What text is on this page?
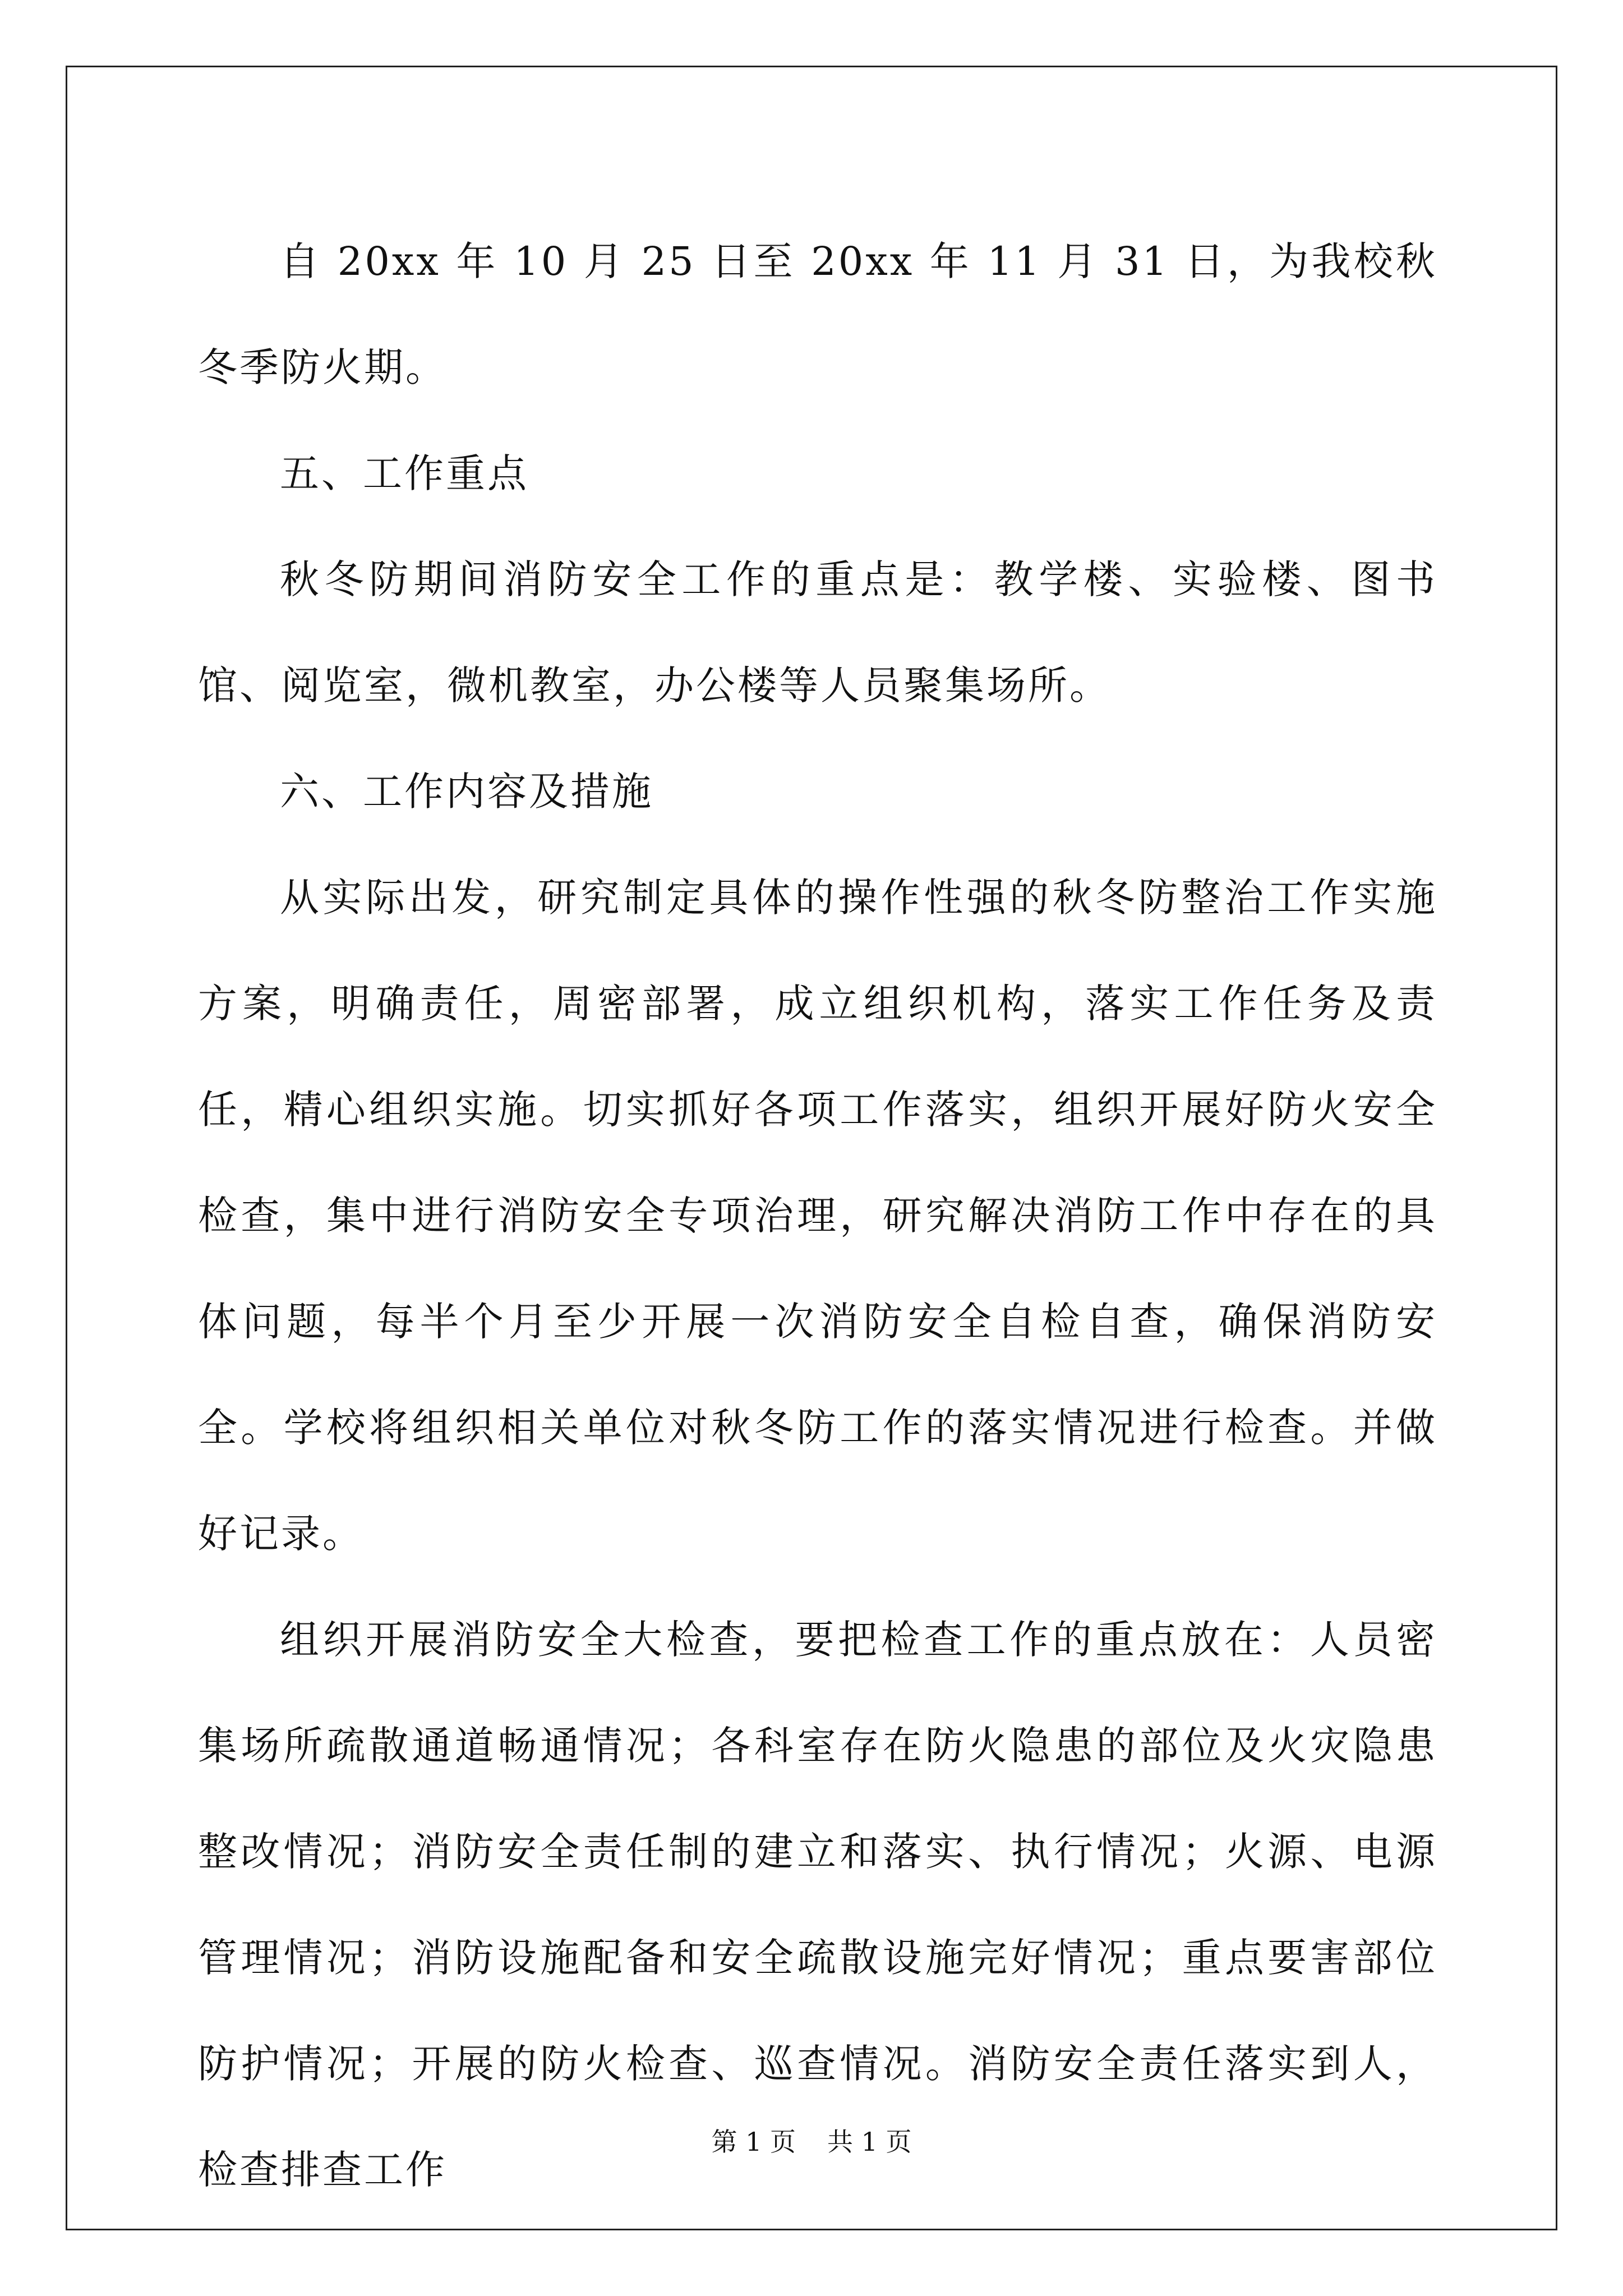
自 20xx 年 10 月 25 日至 20xx 年 11 月 31 日，为我校秋冬季防火期。

五、工作重点

秋冬防期间消防安全工作的重点是：教学楼、实验楼、图书馆、阅览室，微机教室，办公楼等人员聚集场所。

六、工作内容及措施

从实际出发，研究制定具体的操作性强的秋冬防整治工作实施方案，明确责任，周密部署，成立组织机构，落实工作任务及责任，精心组织实施。切实抓好各项工作落实，组织开展好防火安全检查，集中进行消防安全专项治理，研究解决消防工作中存在的具体问题，每半个月至少开展一次消防安全自检自查，确保消防安全。学校将组织相关单位对秋冬防工作的落实情况进行检查。并做好记录。

组织开展消防安全大检查，要把检查工作的重点放在：人员密集场所疏散通道畅通情况；各科室存在防火隐患的部位及火灾隐患整改情况；消防安全责任制的建立和落实、执行情况；火源、电源管理情况；消防设施配备和安全疏散设施完好情况；重点要害部位防护情况；开展的防火检查、巡查情况。消防安全责任落实到人，检查排查工作

第 1 页 共 1 页
